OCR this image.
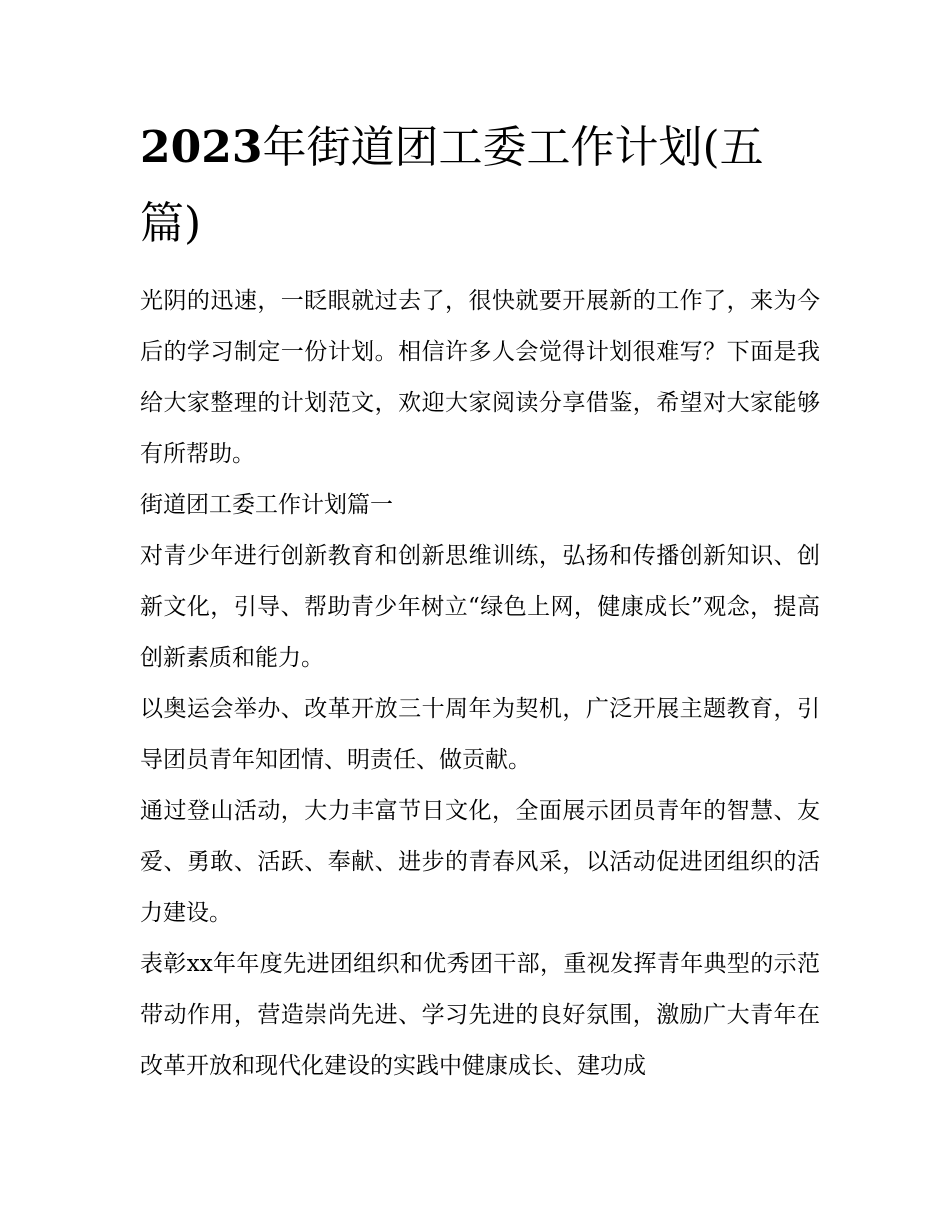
2023年街道团工委工作计划(五篇)

光阴的迅速，一眨眼就过去了，很快就要开展新的工作了，来为今后的学习制定一份计划。相信许多人会觉得计划很难写？下面是我给大家整理的计划范文，欢迎大家阅读分享借鉴，希望对大家能够有所帮助。

街道团工委工作计划篇一

对青少年进行创新教育和创新思维训练，弘扬和传播创新知识、创新文化，引导、帮助青少年树立“绿色上网，健康成长”观念，提高创新素质和能力。

以奥运会举办、改革开放三十周年为契机，广泛开展主题教育，引导团员青年知团情、明责任、做贡献。

通过登山活动，大力丰富节日文化，全面展示团员青年的智慧、友爱、勇敢、活跃、奉献、进步的青春风采，以活动促进团组织的活力建设。

表彰xx年年度先进团组织和优秀团干部，重视发挥青年典型的示范带动作用，营造崇尚先进、学习先进的良好氛围，激励广大青年在改革开放和现代化建设的实践中健康成长、建功成
